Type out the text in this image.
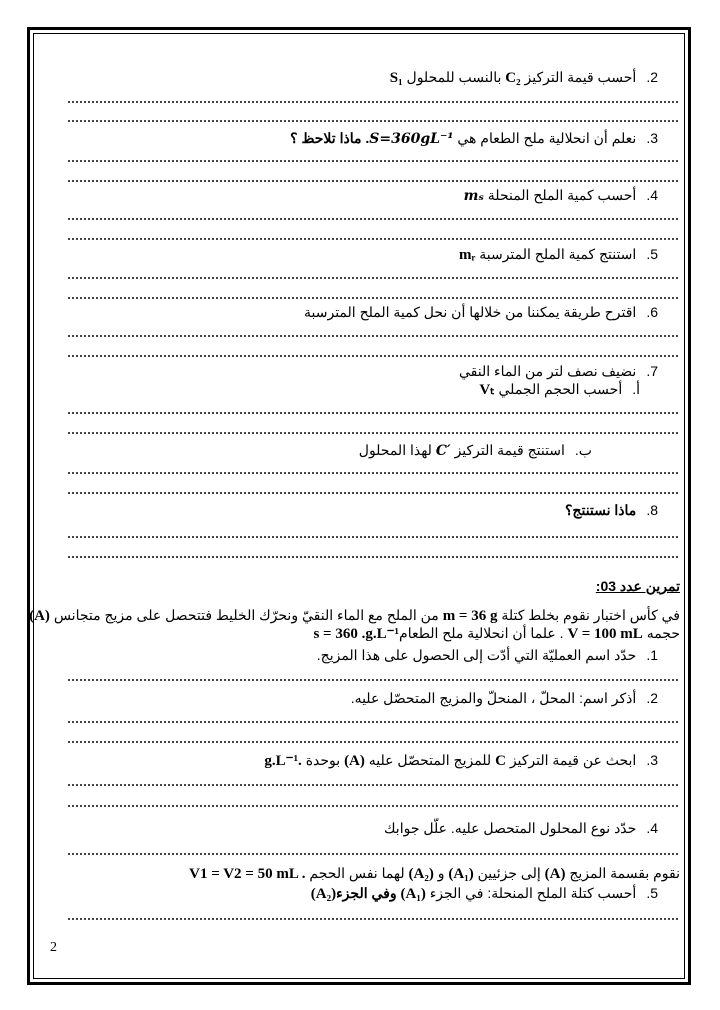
2.أحسب قيمة التركيز C₂ بالنسب للمحلول S₁
3.نعلم أن انحلالية ملح الطعام هي S=360gL⁻¹. ماذا تلاحظ ؟
4.أحسب كمية الملح المنحلة mₛ
5.استنتج كمية الملح المترسبة mᵣ
6.اقترح طريقة يمكننا من خلالها أن نحل كمية الملح المترسبة
7.نضيف نصف لتر من الماء النقي
أ.أحسب الحجم الجملي Vₜ
ب.استنتج قيمة التركيز C′ لهذا المحلول
8.ماذا نستنتج؟
تمرين عدد 03:
في كأس اختبار نقوم بخلط كتلة m = 36 g من الملح مع الماء النقيّ ونحرّك الخليط فتتحصل على مزيج متجانس (A)
حجمه V = 100 mL . علما أن انحلالية ملح الطعامs = 360 .g.L⁻¹
1.حدّد اسم العمليّة التي أدّت إلى الحصول على هذا المزيج.
2.أذكر اسم: المحلّ ، المنحلّ والمزيج المتحصّل عليه.
3.ابحث عن قيمة التركيز C للمزيج المتحصّل عليه (A) بوحدة g.L⁻¹.
4.حدّد نوع المحلول المتحصل عليه. علّل جوابك
نقوم بقسمة المزيج (A) إلى جزئيين (A₁) و (A₂) لهما نفس الحجم V1 = V2 = 50 mL .
5.أحسب كتلة الملح المنحلة: في الجزء (A₁) وفي الجزء(A₂)
2
